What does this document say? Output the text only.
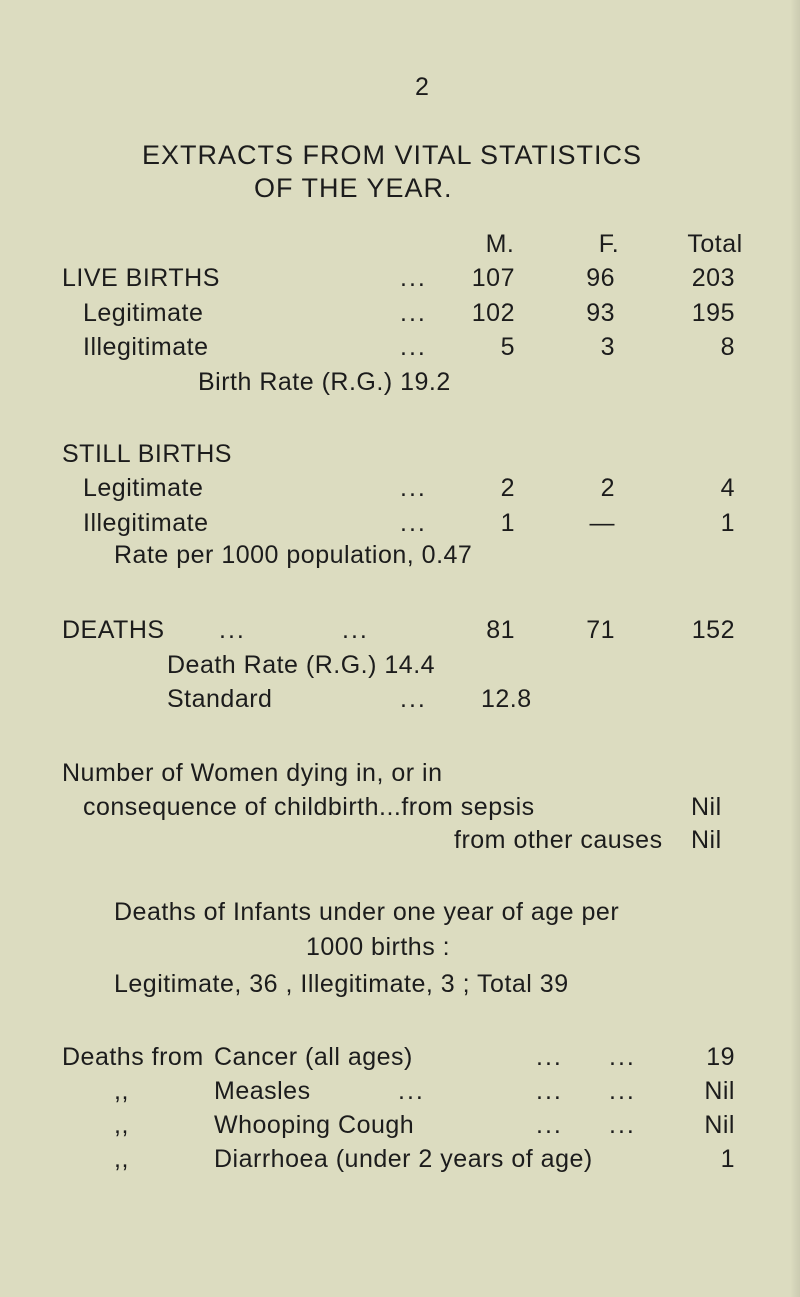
2
EXTRACTS FROM VITAL STATISTICS
OF THE YEAR.
M.	F.	Total
LIVE BIRTHS	...	107	96	203
Legitimate	...	102	93	195
Illegitimate	...	5	3	8
Birth Rate (R.G.) 19.2
STILL BIRTHS
Legitimate	...	2	2	4
Illegitimate	...	1	—	1
Rate per 1000 population, 0.47
DEATHS ...	...	81	71	152
Death Rate (R.G.) 14.4
Standard	... 12.8
Number of Women dying in, or in
consequence of childbirth...from sepsis	Nil
from other causes Nil
Deaths of Infants under one year of age per
1000 births :
Legitimate, 36 , Illegitimate, 3 ; Total 39
Deaths from Cancer (all ages)	... ...	19
,,	Measles	...	... ...	Nil
,,	Whooping Cough	... ...	Nil
,,	Diarrhoea (under 2 years of age)	1
